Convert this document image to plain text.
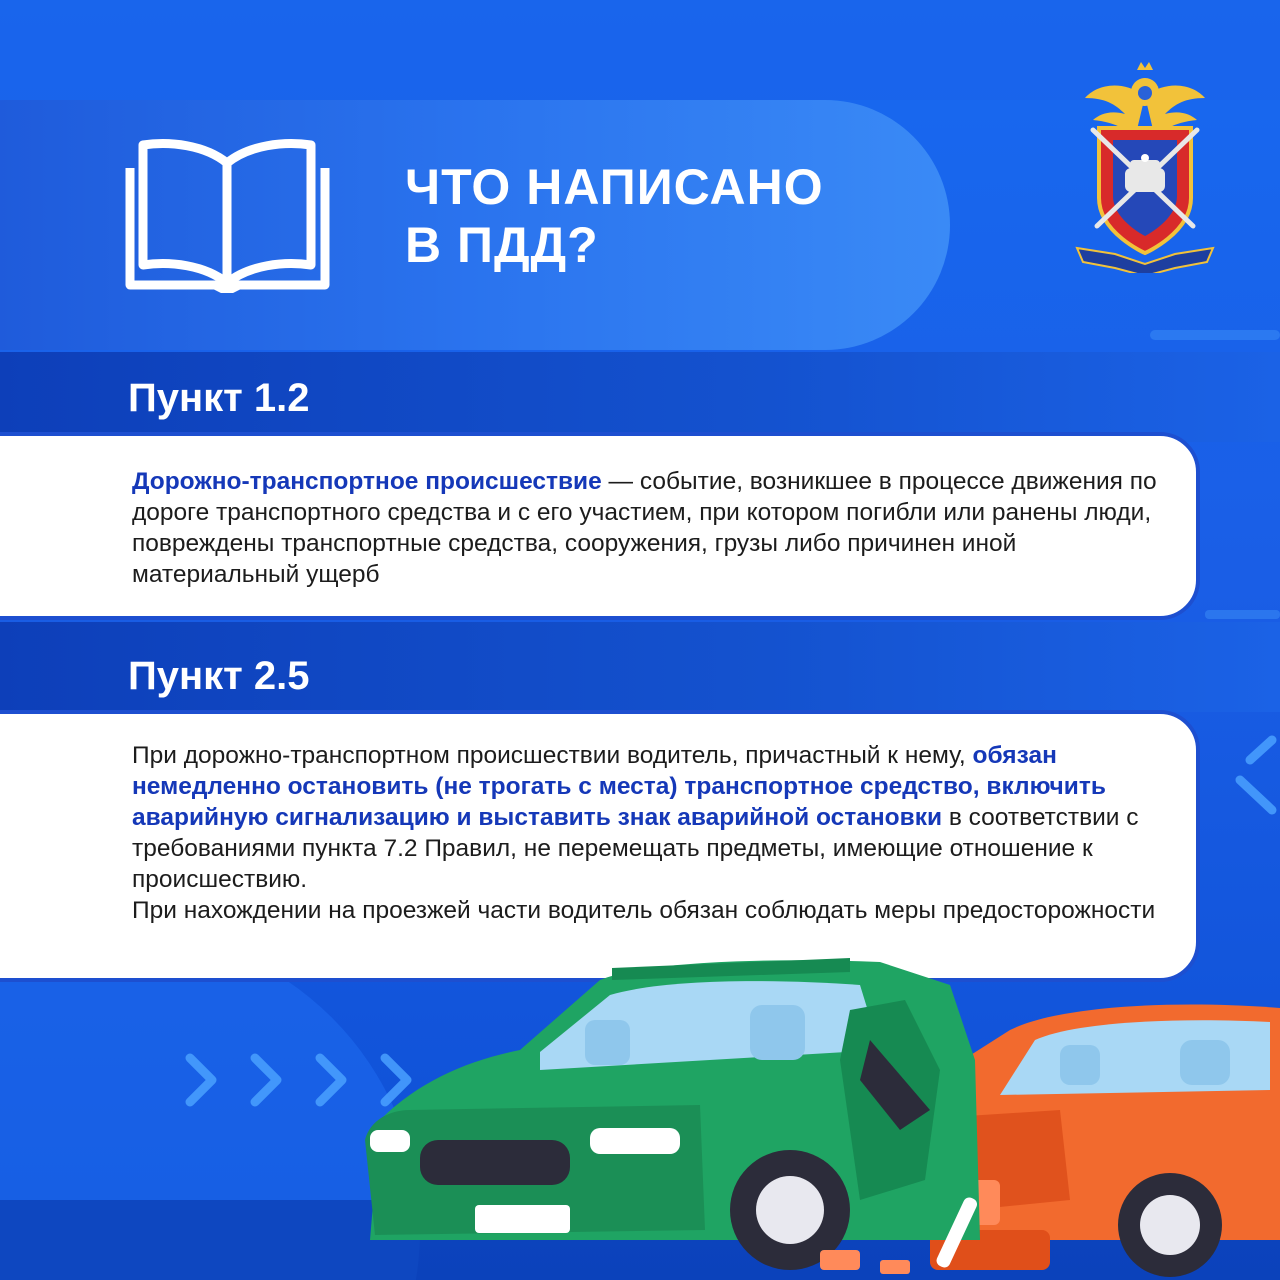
ЧТО НАПИСАНО
В ПДД?
Пункт 1.2
Дорожно-транспортное происшествие — событие, возникшее в процессе движения по дороге транспортного средства и с его участием, при котором погибли или ранены люди, повреждены транспортные средства, сооружения, грузы либо причинен иной материальный ущерб
Пункт 2.5
При дорожно-транспортном происшествии водитель, причастный к нему, обязан немедленно остановить (не трогать с места) транспортное средство, включить аварийную сигнализацию и выставить знак аварийной остановки в соответствии с требованиями пункта 7.2 Правил, не перемещать предметы, имеющие отношение к происшествию.
При нахождении на проезжей части водитель обязан соблюдать меры предосторожности
